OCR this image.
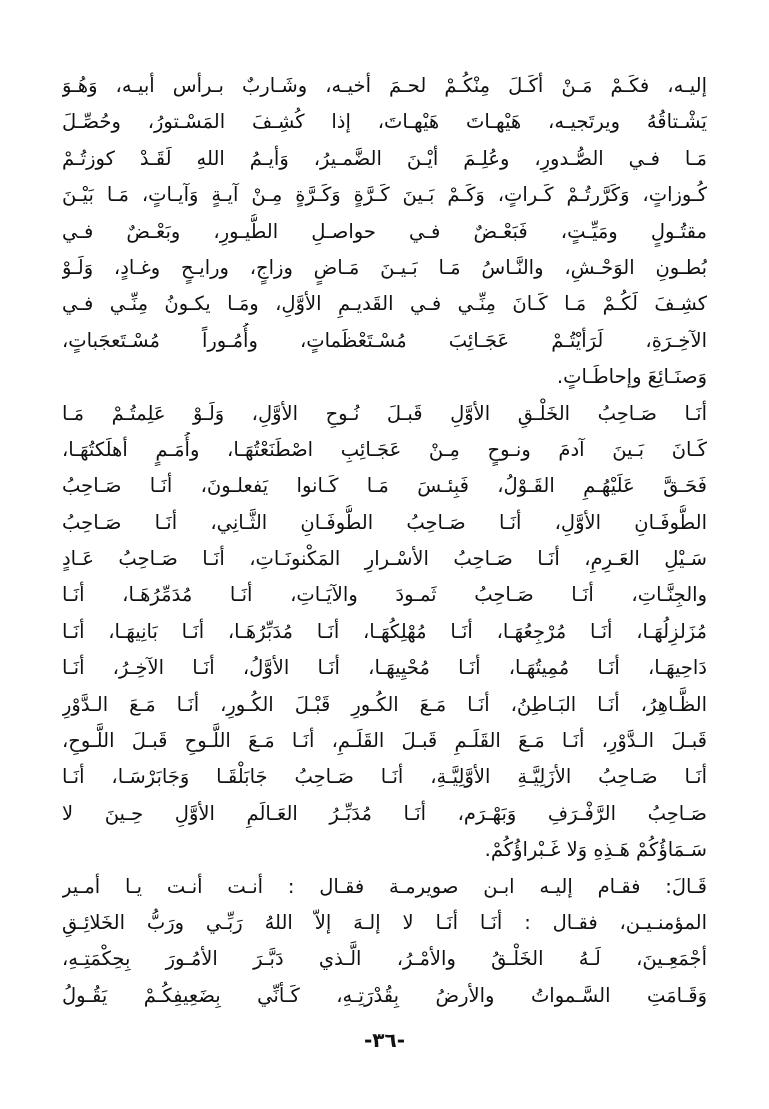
إليـه، فكَـمْ مَـنْ أكَـلَ مِنْكُـمْ لحـمَ أخيـه، وشَـاربٌ بـرأس أبيـه، وَهُـوَ
يَشْـتاقُهُ ويرتَجيـه، هَيْهـاتَ هَيْهـاتَ، إذا كُشِـفَ المَسْـتورُ، وحُصِّـلَ
مَـا فـي الصُّـدورِ، وعُلِـمَ أيْـنَ الضَّمـيرُ، وَأيـمُ اللهِ لَقَـدْ كوزتُـمْ
كُـوزاتٍ، وَكَرَّرتُـمْ كَـراتٍ، وَكَـمْ بَـينَ كَـرَّةٍ وَكَـرَّةٍ مِـنْ آيـةٍ وَآيـاتٍ، مَـا بَيْـنَ
مقتُـولٍ ومَيِّـتٍ، فَبَعْـضٌ فـي حواصـلِ الطُّيـورِ، وبَعْـضٌ فـي
بُطـونِ الوَحْـشِ، والنَّـاسُ مَـا بَـيـنَ مَـاضٍ وزاجٍ، ورايـحٍ وغـادٍ، وَلَـوْ
كشِـفَ لَكُـمْ مَـا كَـانَ مِنِّـي فـي القَديـمِ الأوَّلِ، ومَـا يكـونُ مِنِّـي فـي
الآخِـرَةِ، لَرَأيْتُـمْ عَجَـائِبَ مُسْـتَعْظَماتٍ، وأُمُـوراً مُسْـتَعجَباتٍ،
وَصنَـائِعَ وإحاطَـاتٍ.
أنَـا صَـاحِبُ الخَلْـقِ الأوَّلِ قَبـلَ نُـوحِ الأوَّلِ، وَلَـوْ عَلِمتُـمْ مَـا
كَـانَ بَـينَ آدمَ ونـوحٍ مِـنْ عَجَـائِبِ اصْطَنَعْتُهَـا، وأُمَـمٍ أهلَكتُهَـا،
فَحَـقَّ عَلَيْهُـمِ القَـوْلُ، فَبِئـسَ مَـا كَـانوا يَفعلـونَ، أنَـا صَـاحِبُ
الطُّوفَـانِ الأوَّلِ، أنَـا صَـاحِبُ الطُّوفَـانِ الثَّـانِي، أنَـا صَـاحِبُ
سَـيْلِ العَـرِمِ، أنَـا صَـاحِبُ الأسْـرارِ المَكْنونَـاتِ، أنَـا صَـاحِبُ عَـادٍ
والجِنَّـاتِ، أنَـا صَـاحِبُ ثَمـودَ والآيَـاتِ، أنَـا مُدَمِّرُهَـا، أنَـا
مُزَلزِلُهَـا، أنَـا مُرْجِعُهَـا، أنَـا مُهْلِكُهَـا، أنَـا مُدَبِّرُهَـا، أنَـا بَانِيهَـا، أنَـا
دَاحِيهَـا، أنَـا مُمِيتُهَـا، أنَـا مُحْيِيهَـا، أنَـا الأوَّلُ، أنَـا الآخِـرُ، أنَـا
الظَّـاهِرُ، أنَـا البَـاطِنُ، أنَـا مَـعَ الكُـورِ قَبْـلَ الكُـورِ، أنَـا مَـعَ الـدَّوْرِ
قَبـلَ الـدَّوْرِ، أنَـا مَـعَ القَلَـمِ قَبـلَ القَلَـمِ، أنَـا مَـعَ اللَّـوحِ قَبـلَ اللَّـوحِ،
أنَـا صَـاحِبُ الأزَلِيَّـةِ الأوَّلِيَّـةِ، أنَـا صَـاحِبُ جَابَلْقَـا وَجَابَرْسَـا، أنَـا
صَـاحِبُ الرَّفْـرَفِ وَبَهْـرَم، أنَـا مُدَبِّـرُ العَـالَمِ الأوَّلِ حِـينَ لا
سَـمَاؤُكُمْ هَـذِهِ وَلا غَـبْراؤُكُمْ.
قَـالَ: فقـام إليـه ابـن صويرمـة فقـال : أنـت أنـت يـا أمـير
المؤمنـيـن، فقـال : أنَـا أنَـا لا إلـهَ إلاّ اللهُ رَبِّـي ورَبُّ الخَلائِـقِ
أجْمَعِـينَ، لَـهُ الخَلْـقُ والأمْـرُ، الَّـذي دَبَّـرَ الأمُـورَ بِحِكْمَتِـهِ،
وَقَـامَتِ السَّـمواتُ والأرضُ بِقُدْرَتِـهِ، كَـأنِّي بِضَعِيفِكُـمْ يَقُـولُ
-٣٦-
